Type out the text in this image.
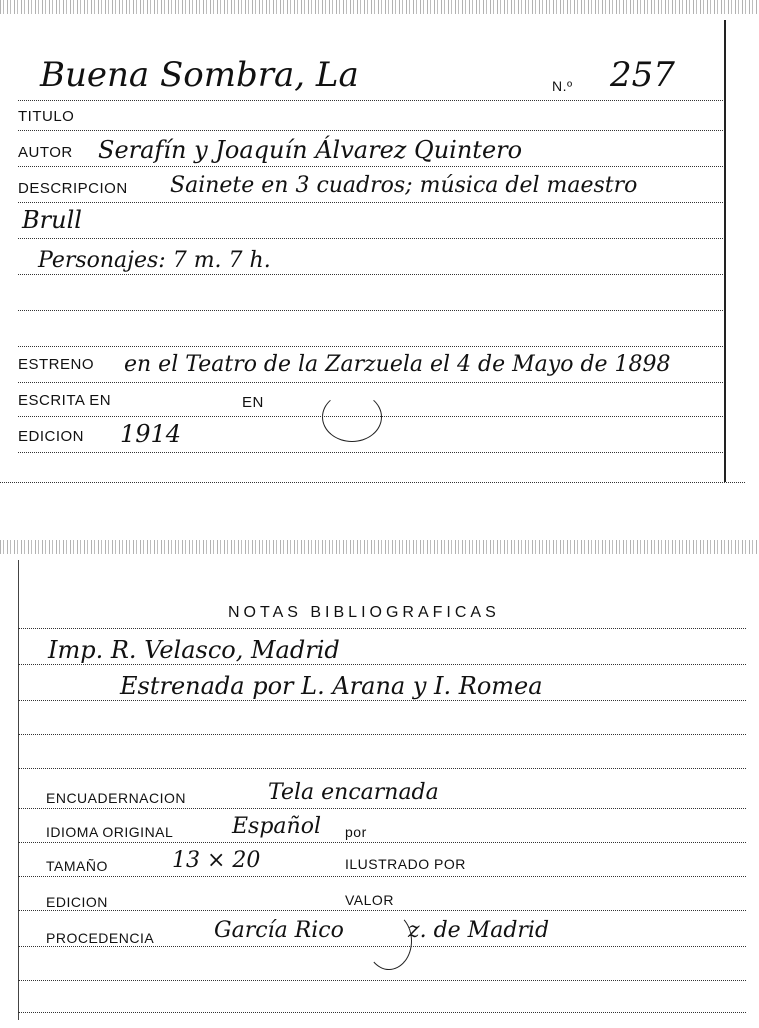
Buena Sombra, La	N.º 257
TITULO
AUTOR Serafín y Joaquín Álvarez Quintero
DESCRIPCION Sainete en 3 cuadros; música del maestro
Brull
Personajes: 7 m. 7 h.
ESTRENO en el Teatro de la Zarzuela el 4 de Mayo de 1898
ESCRITA EN	EN
EDICION 1914
NOTAS BIBLIOGRAFICAS
Imp. R. Velasco, Madrid
Estrenada por L. Arana y I. Romea
ENCUADERNACION	Tela encarnada
IDIOMA ORIGINAL	Español por
TAMAÑO	13 × 20	ILUSTRADO POR
EDICION	VALOR
PROCEDENCIA	García Rico	z. de Madrid
